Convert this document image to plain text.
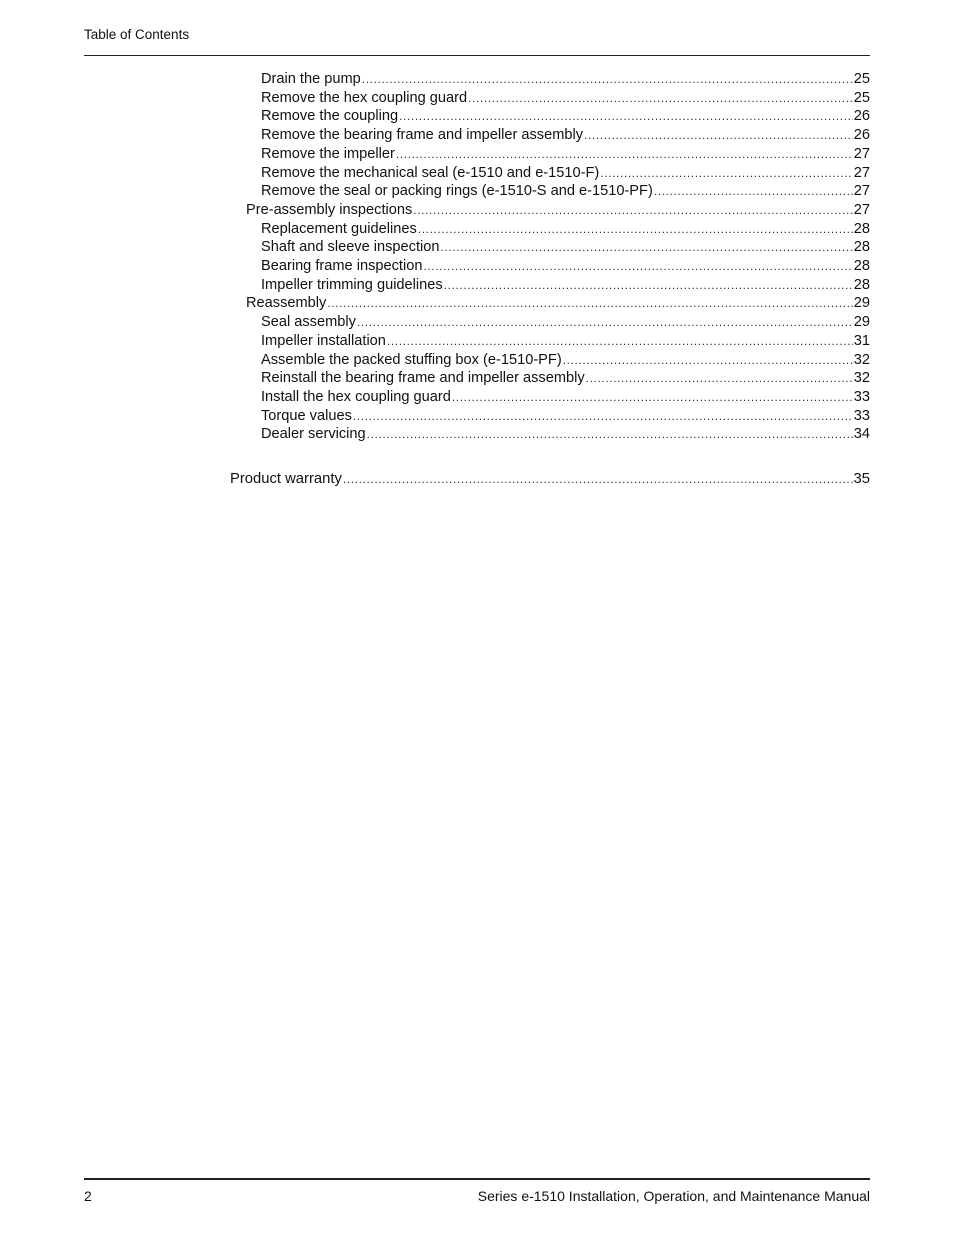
Table of Contents
Drain the pump .....	25
Remove the hex coupling guard .....	25
Remove the coupling .....	26
Remove the bearing frame and impeller assembly .....	26
Remove the impeller .....	27
Remove the mechanical seal (e-1510 and e-1510-F) .....	27
Remove the seal or packing rings (e-1510-S and e-1510-PF) .....	27
Pre-assembly inspections .....	27
Replacement guidelines .....	28
Shaft and sleeve inspection .....	28
Bearing frame inspection .....	28
Impeller trimming guidelines .....	28
Reassembly .....	29
Seal assembly .....	29
Impeller installation .....	31
Assemble the packed stuffing box (e-1510-PF) .....	32
Reinstall the bearing frame and impeller assembly .....	32
Install the hex coupling guard .....	33
Torque values .....	33
Dealer servicing .....	34
Product warranty .....	35
2	Series e-1510 Installation, Operation, and Maintenance Manual
